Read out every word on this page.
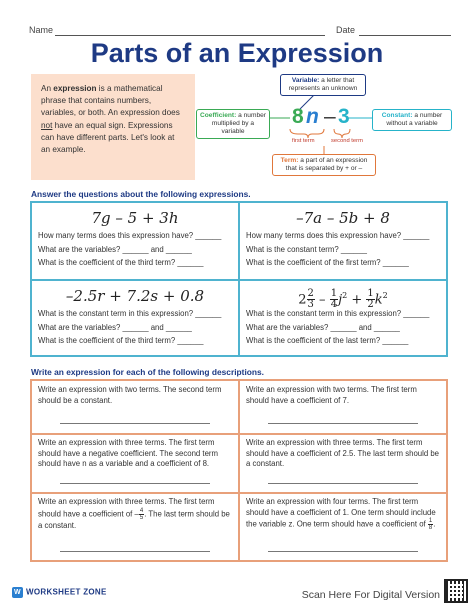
Name	Date
Parts of an Expression
An expression is a mathematical phrase that contains numbers, variables, or both. An expression does not have an equal sign. Expressions can have different parts. Let's look at an example.
Variable: a letter that represents an unknown
Coefficient: a number multiplied by a variable
Constant: a number without a variable
8 n – 3
first term	second term
Term: a part of an expression that is separated by + or –
Answer the questions about the following expressions.
7g – 5 + 3h
How many terms does this expression have? ______
What are the variables? ______ and ______
What is the coefficient of the third term? ______
–7a – 5b + 8
How many terms does this expression have? ______
What is the constant term? ______
What is the coefficient of the first term? ______
–2.5r + 7.2s + 0.8
What is the constant term in this expression? ______
What are the variables? ______ and ______
What is the coefficient of the third term? ______
$2 \frac{2}{3} - \frac{1}{4} j^2 + \frac{1}{2} k^2$
What is the constant term in this expression? ______
What are the variables? ______ and ______
What is the coefficient of the last term? ______
Write an expression for each of the following descriptions.
Write an expression with two terms. The second term should be a constant.
Write an expression with two terms. The first term should have a coefficient of 7.
Write an expression with three terms. The first term should have a negative coefficient. The second term should have n as a variable and a coefficient of 8.
Write an expression with three terms. The first term should have a coefficient of 2.5. The last term should be a constant.
Write an expression with three terms. The first term should have a coefficient of – $\frac{4}{5}$ . The last term should be a constant.
Write an expression with four terms. The first term should have a coefficient of 1. One term should include the variable z. One term should have a coefficient of $\frac{1}{8}$ .
W WORKSHEET ZONE	Scan Here For Digital Version
